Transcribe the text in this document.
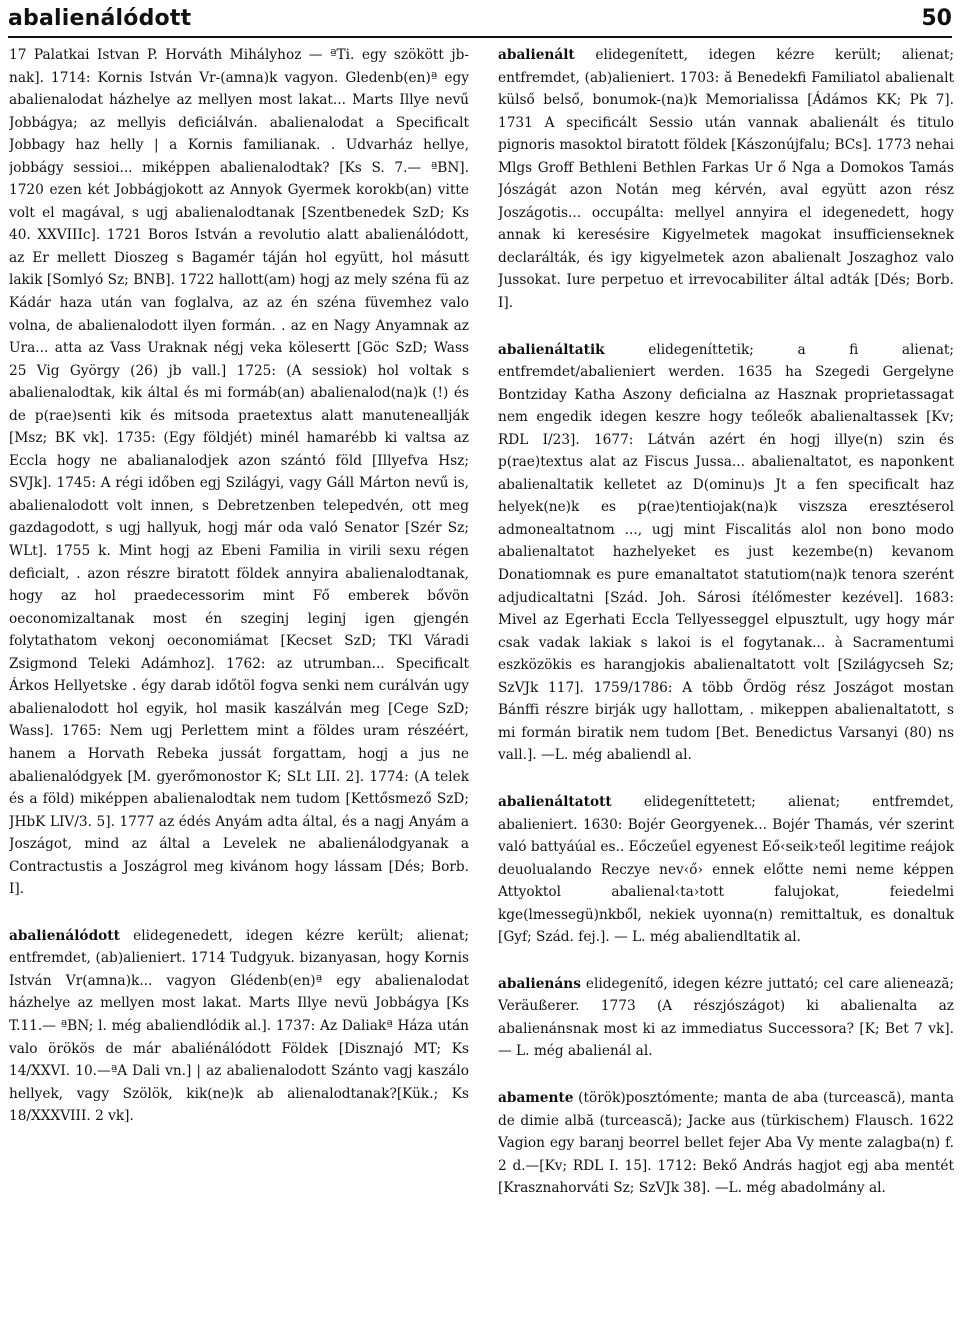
abalienálódott	50

17 Palatkai Istvan P. Horváth Mihályhoz — ªTi. egy szökött jb-nak]. 1714: Kornis István Vr-(amna)k vagyon. Gledenb(en)ª egy abalienalodat házhelye az mellyen most lakat... Marts Illye nevű Jobbágya; az mellyis deficiálván. abalienalodat a Specificalt Jobbagy haz helly | a Kornis familianak. . Udvarház hellye, jobbágy sessioi... miképpen abalienalodtak? [Ks S. 7.— ªBN]. 1720 ezen két Jobbágjokott az Annyok Gyermek korokb(an) vitte volt el magával, s ugj abalienalodtanak [Szentbenedek SzD; Ks 40. XXVIIIc]. 1721 Boros István a revolutio alatt abalienálódott, az Er mellett Dioszeg s Bagamér táján hol együtt, hol másutt lakik [Somlyó Sz; BNB]. 1722 hallott(am) hogj az mely széna fü az Kádár haza után van foglalva, az az én széna füvemhez valo volna, de abalienalodott ilyen formán. . az en Nagy Anyamnak az Ura... atta az Vass Uraknak négj veka kölesertt [Göc SzD; Wass 25 Vig György (26) jb vall.] 1725: (A sessiok) hol voltak s abalienalodtak, kik által és mi formáb(an) abalienalod(na)k (!) és de p(rae)senti kik és mitsoda praetextus alatt manuteneallják [Msz; BK vk]. 1735: (Egy földjét) minél hamarébb ki valtsa az Eccla hogy ne abalianalodjek azon szántó föld [Illyefva Hsz; SVJk]. 1745: A régi időben egj Szilágyi, vagy Gáll Márton nevű is, abalienalodott volt innen, s Debretzenben telepedvén, ott meg gazdagodott, s ugj hallyuk, hogj már oda való Senator [Szér Sz; WLt]. 1755 k. Mint hogj az Ebeni Familia in virili sexu régen deficialt, . azon részre biratott földek annyira abalienalodtanak, hogy az hol praedecessorim mint Fő emberek bővön oeconomizaltanak most én szeginj leginj igen gjengén folytathatom vekonj oeconomiámat [Kecset SzD; TKl Váradi Zsigmond Teleki Adámhoz]. 1762: az utrumban... Specificalt Árkos Hellyetske . égy darab időtöl fogva senki nem curálván ugy abalienalodott hol egyik, hol masik kaszálván meg [Cege SzD; Wass]. 1765: Nem ugj Perlettem mint a földes uram részéért, hanem a Horvath Rebeka jussát forgattam, hogj a jus ne abalienalódgyek [M. gyerőmonostor K; SLt LII. 2]. 1774: (A telek és a föld) miképpen abalienalodtak nem tudom [Kettősmező SzD; JHbK LIV/3. 5]. 1777 az édés Anyám adta által, és a nagj Anyám a Joszágot, mind az által a Levelek ne abalienálodgyanak a Contractustis a Joszágrol meg kivánom hogy lássam [Dés; Borb. I].

abalienálódott elidegenedett, idegen kézre került; alienat; entfremdet, (ab)alieniert. 1714 Tudgyuk. bizanyasan, hogy Kornis István Vr(amna)k... vagyon Glédenb(en)ª egy abalienalodat házhelye az mellyen most lakat. Marts Illye nevü Jobbágya [Ks T.11.— ªBN; l. még abaliendlódik al.]. 1737: Az Daliakª Háza után valo örökös de már abaliénálódott Földek [Disznajó MT; Ks 14/XXVI. 10.—ªA Dali vn.] | az abalienalodott Szánto vagj kaszálo hellyek, vagy Szölök, kik(ne)k ab alienalodtanak?[Kük.; Ks 18/XXXVIII. 2 vk].

abalienált elidegenített, idegen kézre került; alienat; entfremdet, (ab)alieniert. 1703: ă Benedekfi Familiatol abalienalt külső belső, bonumok-(na)k Memorialissa [Ádámos KK; Pk 7]. 1731 A specificált Sessio után vannak abalienált és titulo pignoris masoktol biratott földek [Kászonújfalu; BCs]. 1773 nehai Mlgs Groff Bethleni Bethlen Farkas Ur ő Nga a Domokos Tamás Jószágát azon Notán meg kérvén, aval együtt azon rész Joszágotis... occupálta: mellyel annyira el idegenedett, hogy annak ki keresésire Kigyelmetek magokat insufficienseknek declarálták, és igy kigyelmetek azon abalienalt Joszaghoz valo Jussokat. Iure perpetuo et irrevocabiliter által adták [Dés; Borb. I].

abalienáltatik elidegeníttetik; a fi alienat; entfremdet/abalieniert werden. 1635 ha Szegedi Gergelyne Bontziday Katha Aszony deficialna az Hasznak proprietassagat nem engedik idegen keszre hogy teőleők abalienaltassek [Kv; RDL I/23]. 1677: Látván azért én hogj illye(n) szin és p(rae)textus alat az Fiscus Jussa... abalienaltatot, es naponkent abalienaltatik kelletet az D(ominu)s Jt a fen specificalt haz helyek(ne)k es p(rae)tentiojak(na)k viszsza eresztéserol admonealtatnom ..., ugj mint Fiscalitás alol non bono modo abalienaltatot hazhelyeket es just kezembe(n) kevanom Donatiomnak es pure emanaltatot statutiom(na)k tenora szerént adjudicaltatni [Szád. Joh. Sárosi ítélőmester kezével]. 1683: Mivel az Egerhati Eccla Tellyesseggel elpusztult, ugy hogy már csak vadak lakiak s lakoi is el fogytanak... à Sacramentumi eszközökis es harangjokis abalienaltatott volt [Szilágycseh Sz; SzVJk 117]. 1759/1786: A több Őrdög rész Joszágot mostan Bánffi részre birják ugy hallottam, . mikeppen abalienaltatott, s mi formán biratik nem tudom [Bet. Benedictus Varsanyi (80) ns vall.]. —L. még abaliendl al.

abalienáltatott elidegeníttetett; alienat; entfremdet, abalieniert. 1630: Bojér Georgyenek... Bojér Thamás, vér szerint való battyáúal es.. Eőczeűel egyenest Eő‹seik›teől legitime reájok deuolualando Reczye nev‹ő› ennek előtte nemi neme képpen Attyoktol abalienal‹ta›tott falujokat, feiedelmi kge(lmessegü)nkből, nekiek uyonna(n) remittaltuk, es donaltuk [Gyf; Szád. fej.]. — L. még abaliendltatik al.

abalienáns elidegenítő, idegen kézre juttató; cel care alienează; Veräußerer. 1773 (A részjószágot) ki abalienalta az abalienánsnak most ki az immediatus Successora? [K; Bet 7 vk].— L. még abalienál al.

abamente (török)posztómente; manta de aba (turcească), manta de dimie albă (turcească); Jacke aus (türkischem) Flausch. 1622 Vagion egy baranj beorrel bellet fejer Aba Vy mente zalagba(n) f. 2 d.—[Kv; RDL I. 15]. 1712: Bekő András hagjot egj aba mentét [Krasznahorváti Sz; SzVJk 38]. —L. még abadolmány al.
